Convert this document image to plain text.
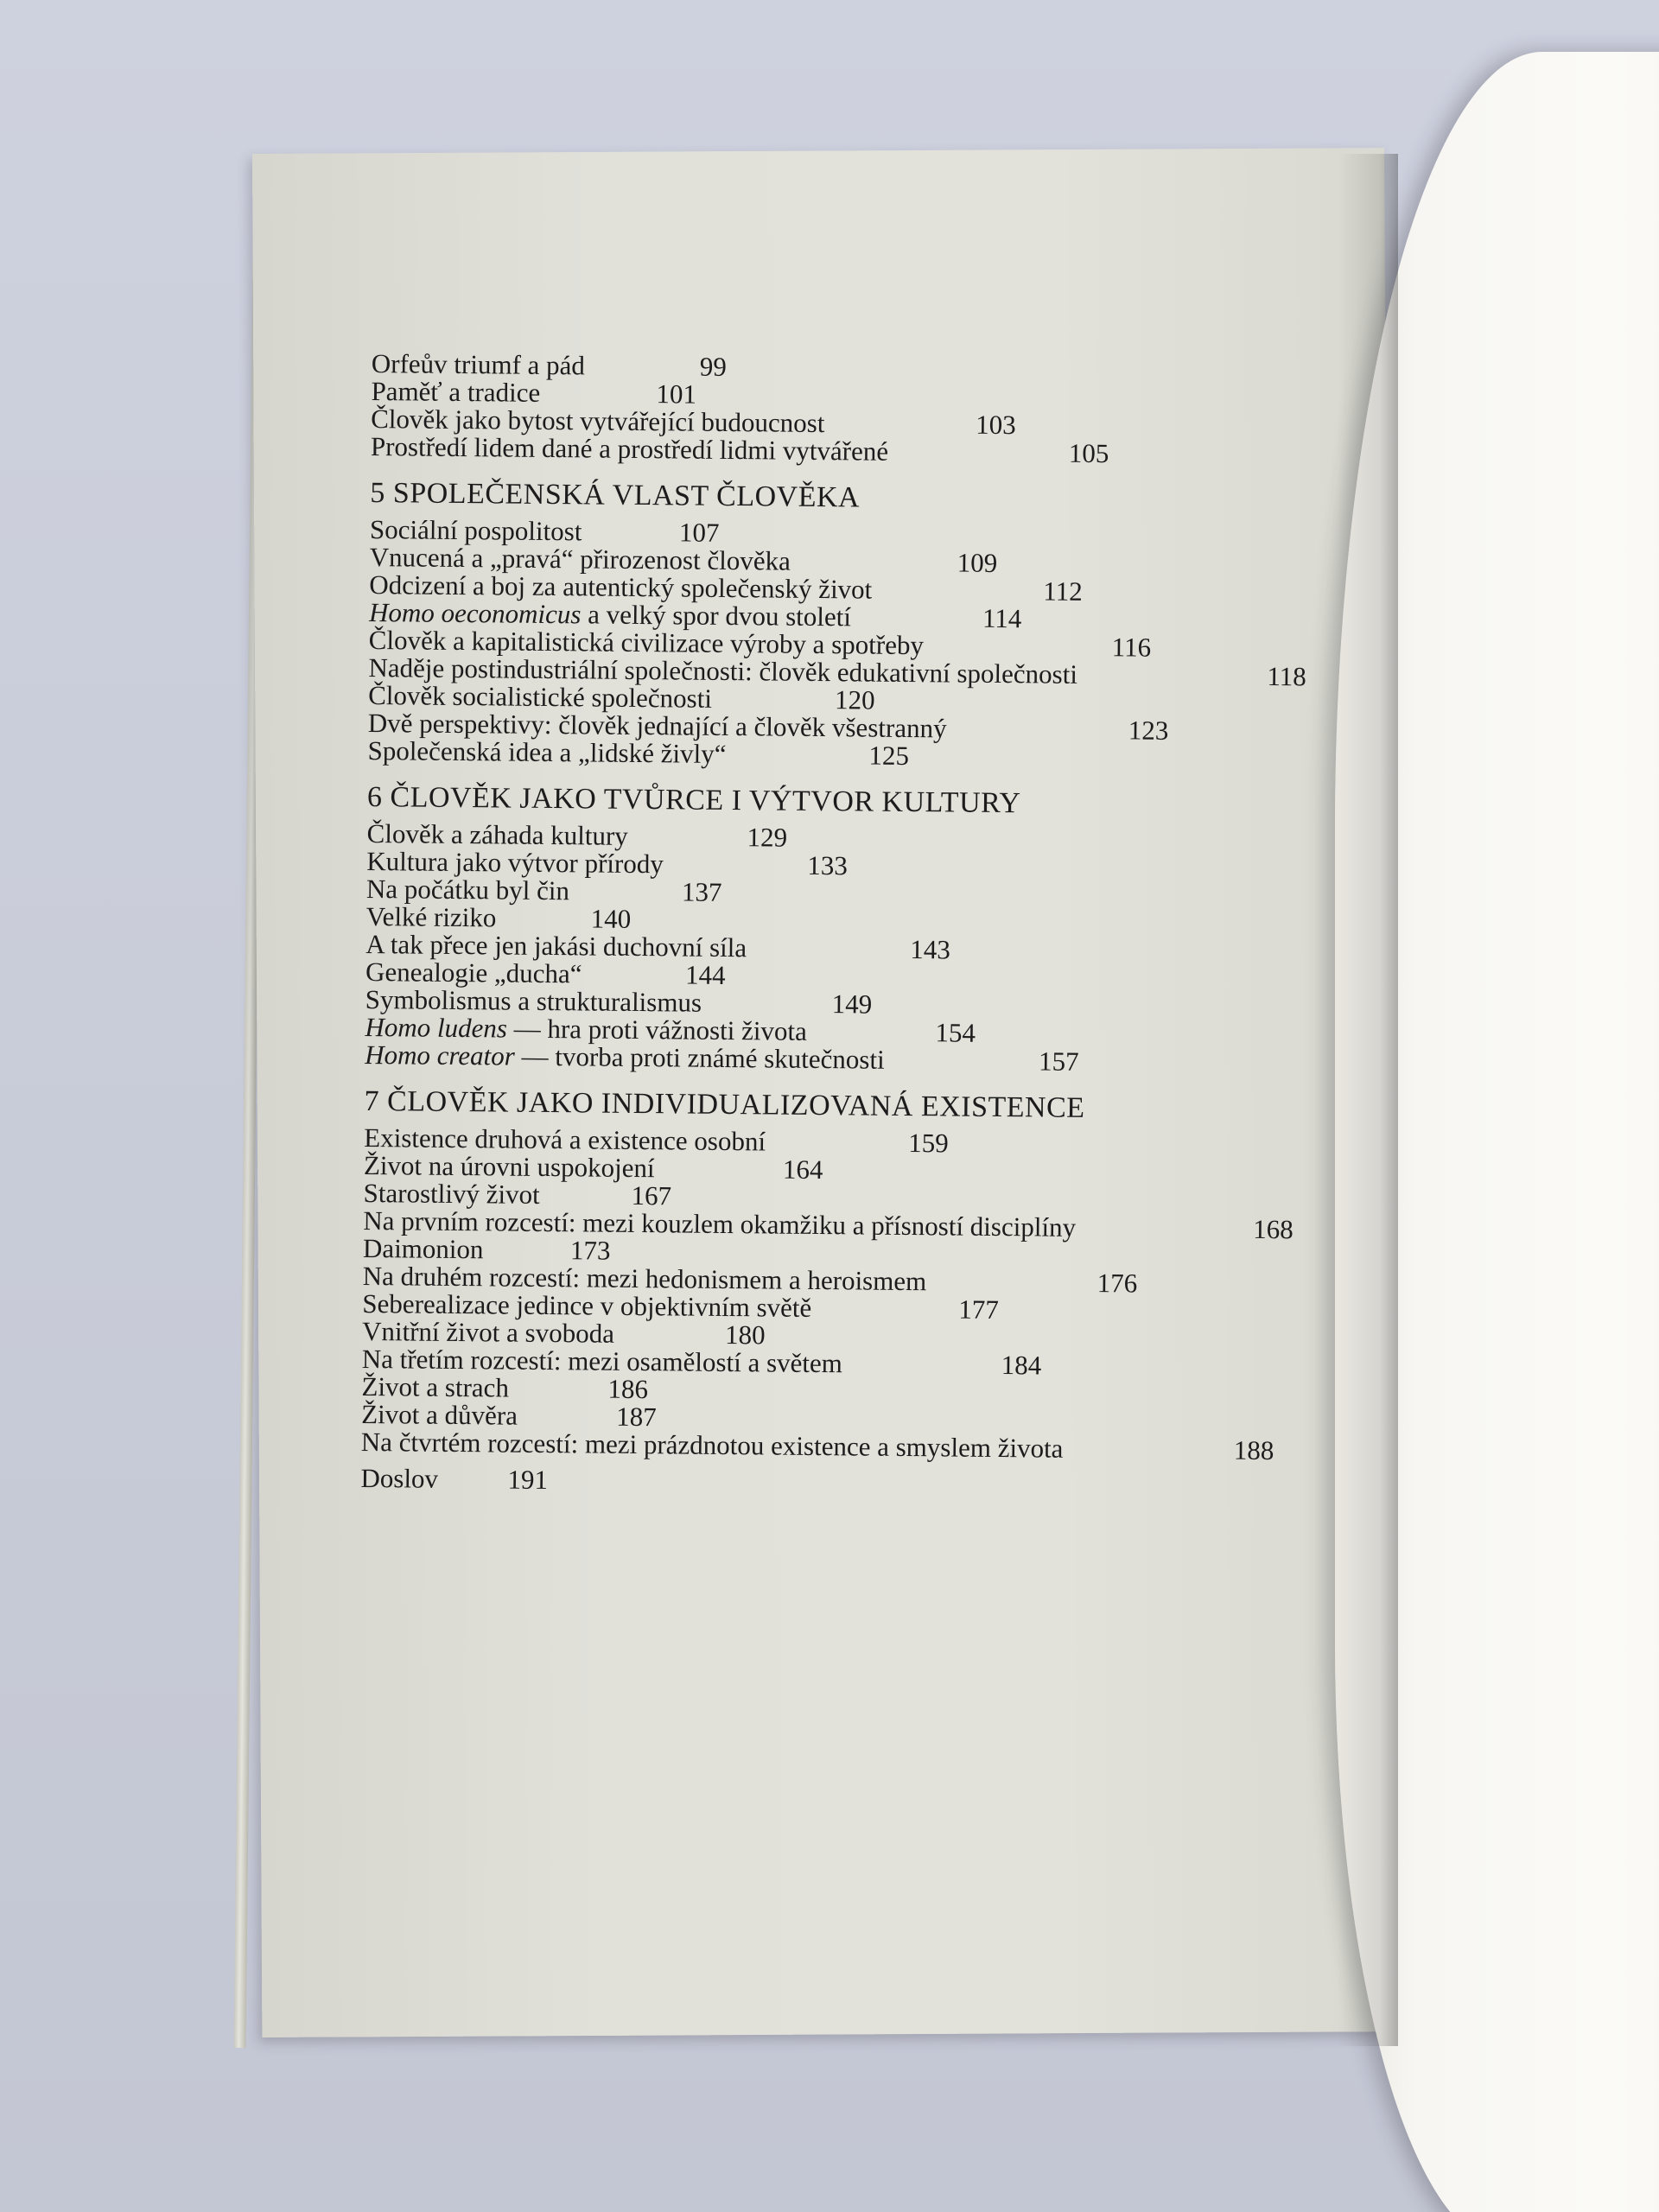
Orfeův triumf a pád	99
Paměť a tradice	101
Člověk jako bytost vytvářející budoucnost	103
Prostředí lidem dané a prostředí lidmi vytvářené	105
5 SPOLEČENSKÁ VLAST ČLOVĚKA
Sociální pospolitost	107
Vnucená a „pravá“ přirozenost člověka	109
Odcizení a boj za autentický společenský život	112
Homo oeconomicus a velký spor dvou století	114
Člověk a kapitalistická civilizace výroby a spotřeby	116
Naděje postindustriální společnosti: člověk edukativní společnosti	118
Člověk socialistické společnosti	120
Dvě perspektivy: člověk jednající a člověk všestranný	123
Společenská idea a „lidské živly“	125
6 ČLOVĚK JAKO TVŮRCE I VÝTVOR KULTURY
Člověk a záhada kultury	129
Kultura jako výtvor přírody	133
Na počátku byl čin	137
Velké riziko	140
A tak přece jen jakási duchovní síla	143
Genealogie „ducha“	144
Symbolismus a strukturalismus	149
Homo ludens — hra proti vážnosti života	154
Homo creator — tvorba proti známé skutečnosti	157
7 ČLOVĚK JAKO INDIVIDUALIZOVANÁ EXISTENCE
Existence druhová a existence osobní	159
Život na úrovni uspokojení	164
Starostlivý život	167
Na prvním rozcestí: mezi kouzlem okamžiku a přísností disciplíny	168
Daimonion	173
Na druhém rozcestí: mezi hedonismem a heroismem	176
Seberealizace jedince v objektivním světě	177
Vnitřní život a svoboda	180
Na třetím rozcestí: mezi osamělostí a světem	184
Život a strach	186
Život a důvěra	187
Na čtvrtém rozcestí: mezi prázdnotou existence a smyslem života	188
Doslov	191
